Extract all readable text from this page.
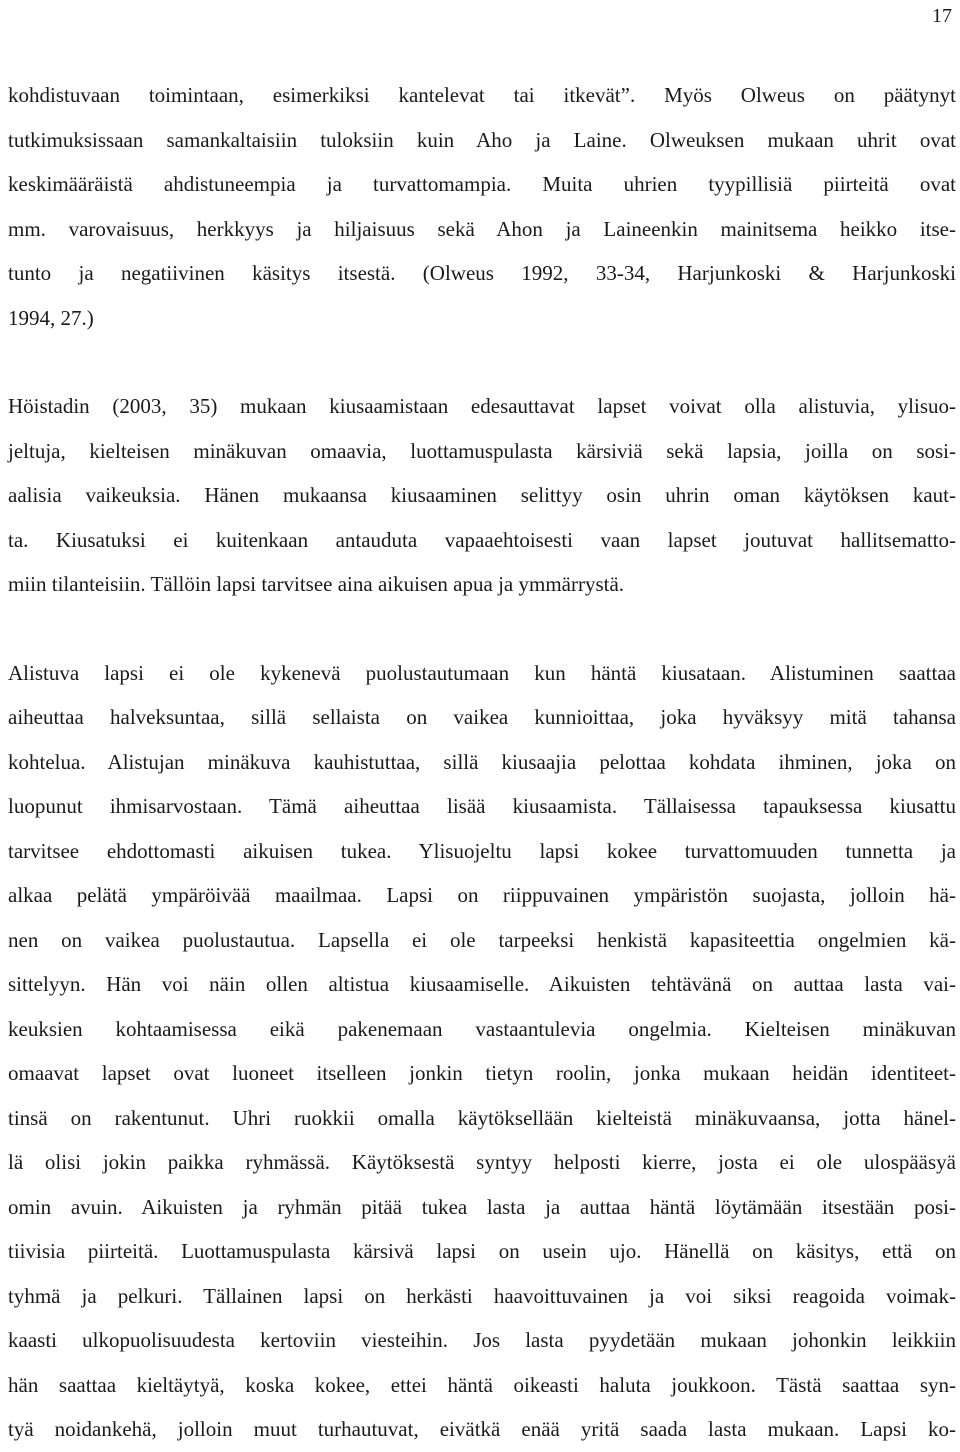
17
kohdistuvaan toimintaan, esimerkiksi kantelevat tai itkevät”. Myös Olweus on päätynyt
tutkimuksissaan samankaltaisiin tuloksiin kuin Aho ja Laine. Olweuksen mukaan uhrit ovat
keskimääräistä ahdistuneempia ja turvattomampia. Muita uhrien tyypillisiä piirteitä ovat
mm. varovaisuus, herkkyys ja hiljaisuus sekä Ahon ja Laineenkin mainitsema heikko itse-
tunto ja negatiivinen käsitys itsestä. (Olweus 1992, 33-34, Harjunkoski & Harjunkoski
1994, 27.)
Höistadin (2003, 35) mukaan kiusaamistaan edesauttavat lapset voivat olla alistuvia, ylisuo-
jeltuja, kielteisen minäkuvan omaavia, luottamuspulasta kärsiviä sekä lapsia, joilla on sosi-
aalisia vaikeuksia. Hänen mukaansa kiusaaminen selittyy osin uhrin oman käytöksen kaut-
ta. Kiusatuksi ei kuitenkaan antauduta vapaaehtoisesti vaan lapset joutuvat hallitsematto-
miin tilanteisiin. Tällöin lapsi tarvitsee aina aikuisen apua ja ymmärrystä.
Alistuva lapsi ei ole kykenevä puolustautumaan kun häntä kiusataan. Alistuminen saattaa
aiheuttaa halveksuntaa, sillä sellaista on vaikea kunnioittaa, joka hyväksyy mitä tahansa
kohtelua. Alistujan minäkuva kauhistuttaa, sillä kiusaajia pelottaa kohdata ihminen, joka on
luopunut ihmisarvostaan. Tämä aiheuttaa lisää kiusaamista. Tällaisessa tapauksessa kiusattu
tarvitsee ehdottomasti aikuisen tukea. Ylisuojeltu lapsi kokee turvattomuuden tunnetta ja
alkaa pelätä ympäröivää maailmaa. Lapsi on riippuvainen ympäristön suojasta, jolloin hä-
nen on vaikea puolustautua. Lapsella ei ole tarpeeksi henkistä kapasiteettia ongelmien kä-
sittelyyn. Hän voi näin ollen altistua kiusaamiselle. Aikuisten tehtävänä on auttaa lasta vai-
keuksien kohtaamisessa eikä pakenemaan vastaantulevia ongelmia. Kielteisen minäkuvan
omaavat lapset ovat luoneet itselleen jonkin tietyn roolin, jonka mukaan heidän identiteet-
tinsä on rakentunut. Uhri ruokkii omalla käytöksellään kielteistä minäkuvaansa, jotta hänel-
lä olisi jokin paikka ryhmässä. Käytöksestä syntyy helposti kierre, josta ei ole ulospääsyä
omin avuin. Aikuisten ja ryhmän pitää tukea lasta ja auttaa häntä löytämään itsestään posi-
tiivisia piirteitä. Luottamuspulasta kärsivä lapsi on usein ujo. Hänellä on käsitys, että on
tyhmä ja pelkuri. Tällainen lapsi on herkästi haavoittuvainen ja voi siksi reagoida voimak-
kaasti ulkopuolisuudesta kertoviin viesteihin. Jos lasta pyydetään mukaan johonkin leikkiin
hän saattaa kieltäytyä, koska kokee, ettei häntä oikeasti haluta joukkoon. Tästä saattaa syn-
tyä noidankehä, jolloin muut turhautuvat, eivätkä enää yritä saada lasta mukaan. Lapsi ko-
